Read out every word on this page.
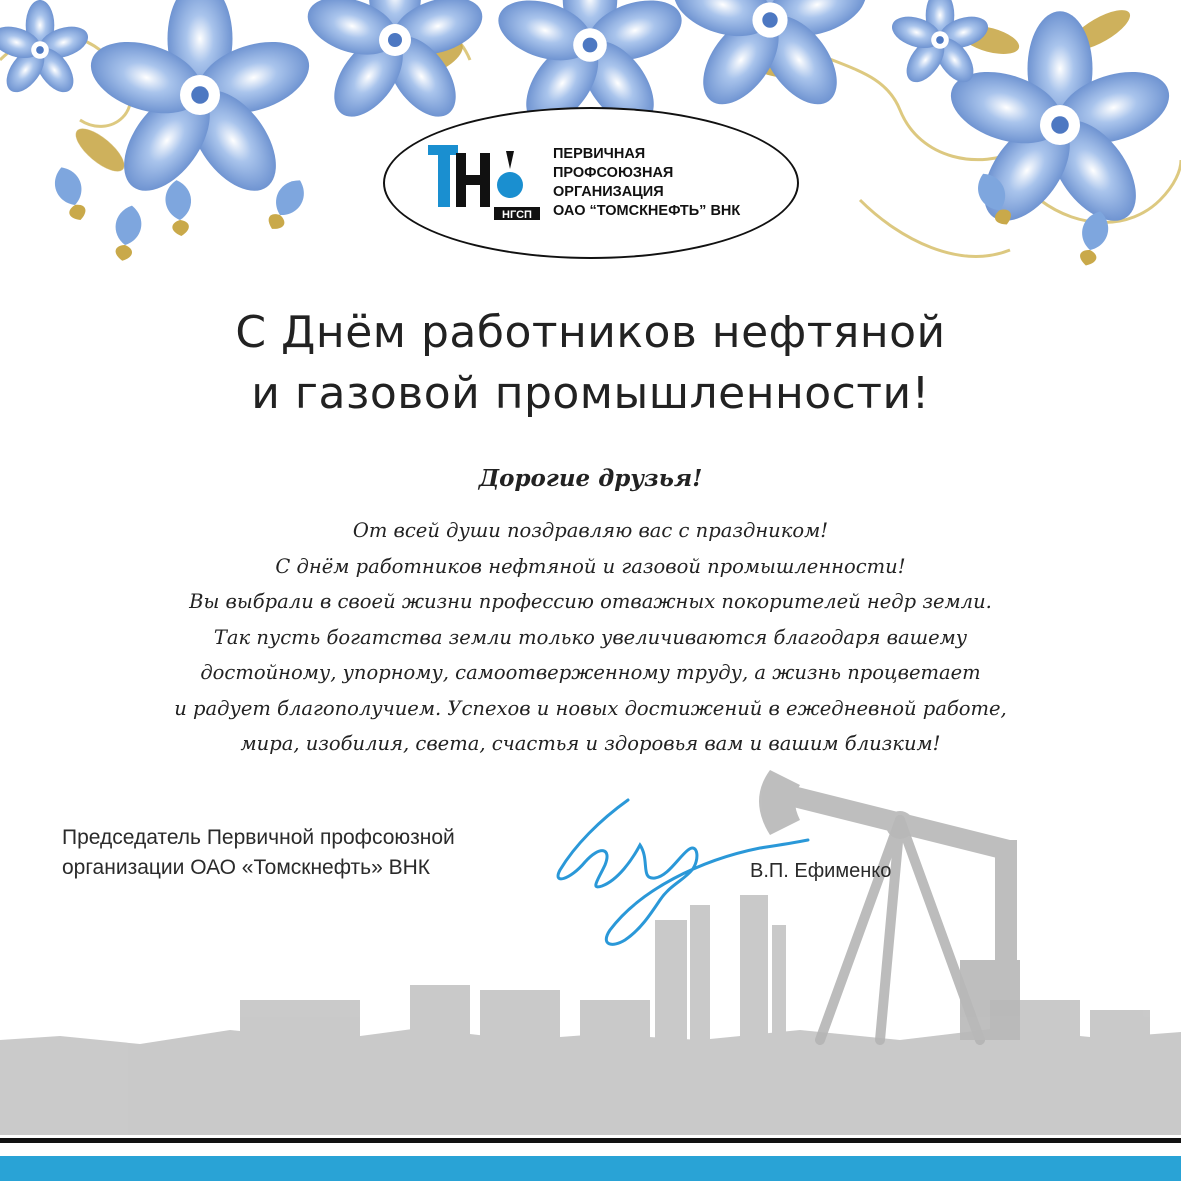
НГСП
ПЕРВИЧНАЯ
ПРОФСОЮЗНАЯ
ОРГАНИЗАЦИЯ
ОАО “ТОМСКНЕФТЬ” ВНК
С Днём работников нефтяной
и газовой промышленности!
Дорогие друзья!
От всей души поздравляю вас с праздником!
С днём работников нефтяной и газовой промышленности!
Вы выбрали в своей жизни профессию отважных покорителей недр земли.
Так пусть богатства земли только увеличиваются благодаря вашему
достойному, упорному, самоотверженному труду, а жизнь процветает
и радует благополучием. Успехов и новых достижений в ежедневной работе,
мира, изобилия, света, счастья и здоровья вам и вашим близким!
Председатель Первичной профсоюзной
организации ОАО «Томскнефть» ВНК	В.П. Ефименко
